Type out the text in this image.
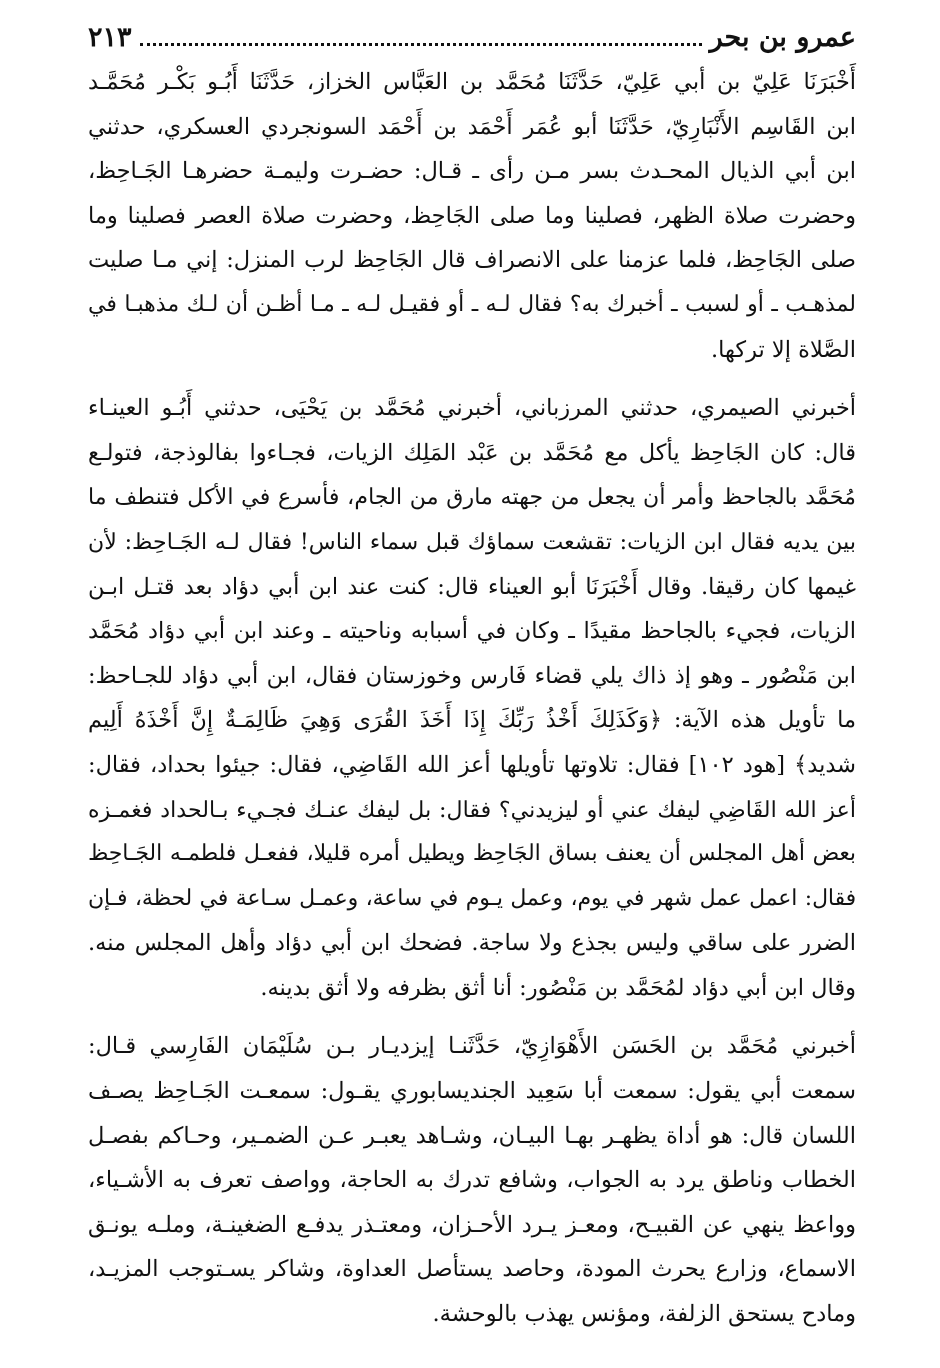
عمرو بن بحر
٢١٣
أَخْبَرَنَا عَلِيّ بن أبي عَلِيّ، حَدَّثَنَا مُحَمَّد بن العَبَّاس الخزاز، حَدَّثَنَا أَبُـو بَكْـر مُحَمَّـد
ابن القَاسِم الأَنْبَارِيّ، حَدَّثَنَا أبو عُمَر أَحْمَد بن أَحْمَد السونجردي العسكري، حدثني
ابن أبي الذيال المحـدث بسر مـن رأى ـ قـال: حضـرت وليمـة حضرهـا الجَـاحِظ،
وحضرت صلاة الظهر، فصلينا وما صلى الجَاحِظ، وحضرت صلاة العصر فصلينا وما
صلى الجَاحِظ، فلما عزمنا على الانصراف قال الجَاحِظ لرب المنزل: إني مـا صليت
لمذهـب ـ أو لسبب ـ أخبرك به؟ فقال لـه ـ أو فقيـل لـه ـ مـا أظـن أن لـك مذهبـا في
الصَّلاة إلا تركها.
أخبرني الصيمري، حدثني المرزباني، أخبرني مُحَمَّد بن يَحْيَى، حدثني أَبُـو العينـاء
قال: كان الجَاحِظ يأكل مع مُحَمَّد بن عَبْد المَلِك الزيات، فجـاءوا بفالوذجة، فتولـع
مُحَمَّد بالجاحظ وأمر أن يجعل من جهته مارق من الجام، فأسرع في الأكل فتنطف ما
بين يديه فقال ابن الزيات: تقشعت سماؤك قبل سماء الناس! فقال لـه الجَـاحِظ: لأن
غيمها كان رقيقا. وقال أَخْبَرَنَا أبو العيناء قال: كنت عند ابن أبي دؤاد بعد قتـل ابـن
الزيات، فجيء بالجاحظ مقيدًا ـ وكان في أسبابه وناحيته ـ وعند ابن أبي دؤاد مُحَمَّد
ابن مَنْصُور ـ وهو إذ ذاك يلي قضاء فَارس وخوزستان فقال، ابن أبي دؤاد للجـاحظ:
ما تأويل هذه الآية: ﴿وَكَذَلِكَ أَخْذُ رَبِّكَ إِذَا أَخَذَ القُرَى وَهِيَ ظَالِمَـةٌ إِنَّ أَخْذَهُ أَلِيم
شديد﴾ [هود ١٠٢] فقال: تلاوتها تأويلها أعز الله القَاضِي، فقال: جيئوا بحداد، فقال:
أعز الله القَاضِي ليفك عني أو ليزيدني؟ فقال: بل ليفك عنـك فجـيء بـالحداد فغمـزه
بعض أهل المجلس أن يعنف بساق الجَاحِظ ويطيل أمره قليلا، ففعـل فلطمـه الجَـاحِظ
فقال: اعمل عمل شهر في يوم، وعمل يـوم في ساعة، وعمـل سـاعة في لحظة، فـإن
الضرر على ساقي وليس بجذع ولا ساجة. فضحك ابن أبي دؤاد وأهل المجلس منه.
وقال ابن أبي دؤاد لمُحَمَّد بن مَنْصُور: أنا أثق بظرفه ولا أثق بدينه.
أخبرني مُحَمَّد بن الحَسَن الأَهْوَازِيّ، حَدَّثَنـا إيزديـار بـن سُلَيْمَان الفَارِسي قـال:
سمعت أبي يقول: سمعت أبا سَعِيد الجنديسابوري يقـول: سمعـت الجَـاحِظ يصـف
اللسان قال: هو أداة يظهـر بهـا البيـان، وشـاهد يعبـر عـن الضمـير، وحـاكم بفصـل
الخطاب وناطق يرد به الجواب، وشافع تدرك به الحاجة، وواصف تعرف به الأشـياء،
وواعظ ينهي عن القبيـح، ومعـز يـرد الأحـزان، ومعتـذر يدفـع الضغينـة، وملـه يونـق
الاسماع، وزارع يحرث المودة، وحاصد يستأصل العداوة، وشاكر يسـتوجب المزيـد،
ومادح يستحق الزلفة، ومؤنس يهذب بالوحشة.
